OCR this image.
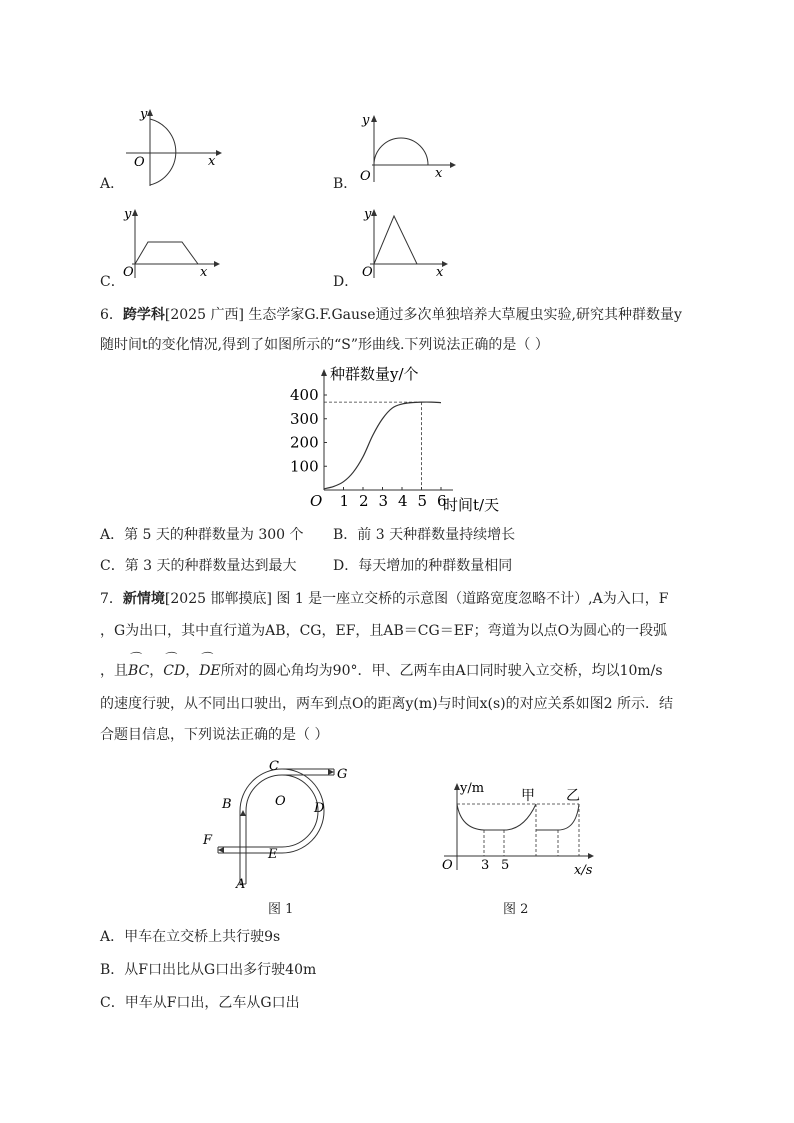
A．
y
x
O
B．
y
x
O
C．
y
x
O
D．
y
x
O
6．跨学科[2025 广西] 生态学家G.F.Gause通过多次单独培养大草履虫实验,研究其种群数量y
随时间t的变化情况,得到了如图所示的“S”形曲线.下列说法正确的是（ ）
1 2 3 4 5 6
100
200
300
400
种群数量y/个
时间t/天
O
A．第 5 天的种群数量为 300 个 B．前 3 天种群数量持续增长
C．第 3 天的种群数量达到最大	D．每天增加的种群数量相同
7．新情境[2025 邯郸摸底] 图 1 是一座立交桥的示意图（道路宽度忽略不计）,A为入口，F
，G为出口，其中直行道为AB，CG，EF，且AB＝CG＝EF；弯道为以点O为圆心的一段弧
，且⌒ BC，⌒ CD，⌒ DE所对的圆心角均为90°．甲、乙两车由A口同时驶入立交桥，均以10m/s
的速度行驶，从不同出口驶出，两车到点O的距离y(m)与时间x(s)的对应关系如图2 所示．结
合题目信息，下列说法正确的是（ ）
A
B
C
D
E
F
G
O
图 1
y/m
O 3 5	x/s
甲 乙
图 2
A．甲车在立交桥上共行驶9s
B．从F口出比从G口出多行驶40m
C．甲车从F口出，乙车从G口出
